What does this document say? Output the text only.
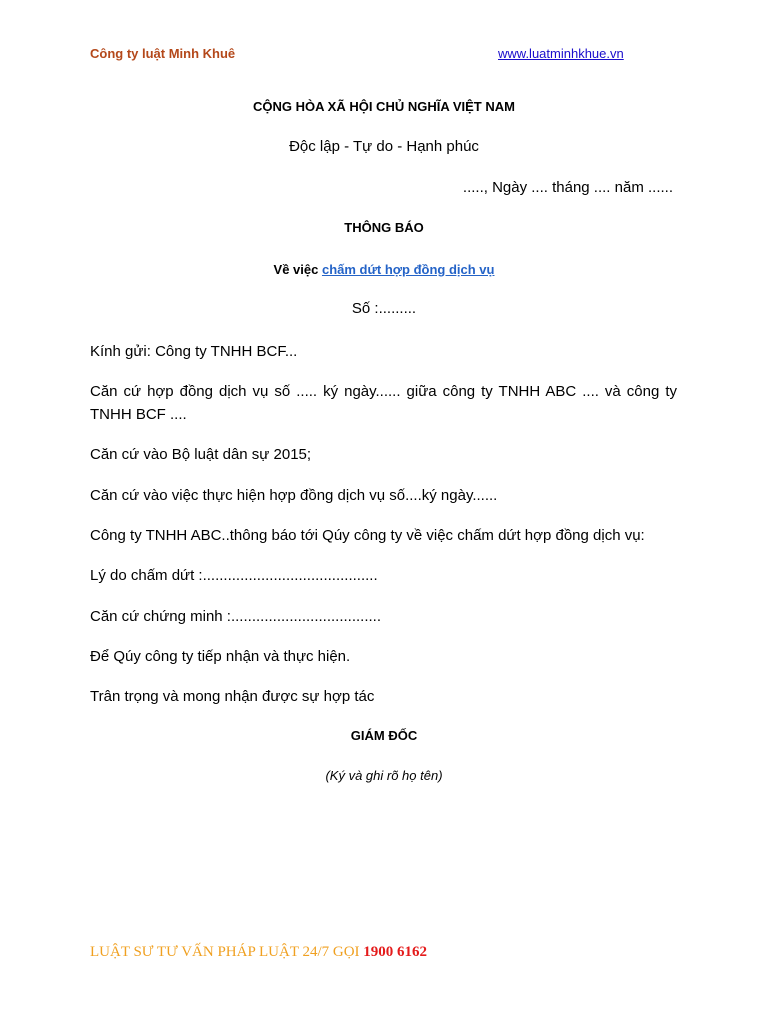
Công ty luật Minh Khuê	www.luatminhkhue.vn
CỘNG HÒA XÃ HỘI CHỦ NGHĨA VIỆT NAM
Độc lập - Tự do - Hạnh phúc
....., Ngày .... tháng .... năm ......
THÔNG BÁO
Về việc chấm dứt hợp đồng dịch vụ
Số :.........
Kính gửi: Công ty TNHH BCF...
Căn cứ hợp đồng dịch vụ số ..... ký ngày...... giữa công ty TNHH ABC .... và công ty TNHH BCF ....
Căn cứ vào Bộ luật dân sự 2015;
Căn cứ vào việc thực hiện hợp đồng dịch vụ số....ký ngày......
Công ty TNHH ABC..thông báo tới Qúy công ty về việc chấm dứt hợp đồng dịch vụ:
Lý do chấm dứt :..........................................
Căn cứ chứng minh :....................................
Để Qúy công ty tiếp nhận và thực hiện.
Trân trọng và mong nhận được sự hợp tác
GIÁM ĐỐC
(Ký và ghi rõ họ tên)
LUẬT SƯ TƯ VẤN PHÁP LUẬT 24/7 GỌI 1900 6162
